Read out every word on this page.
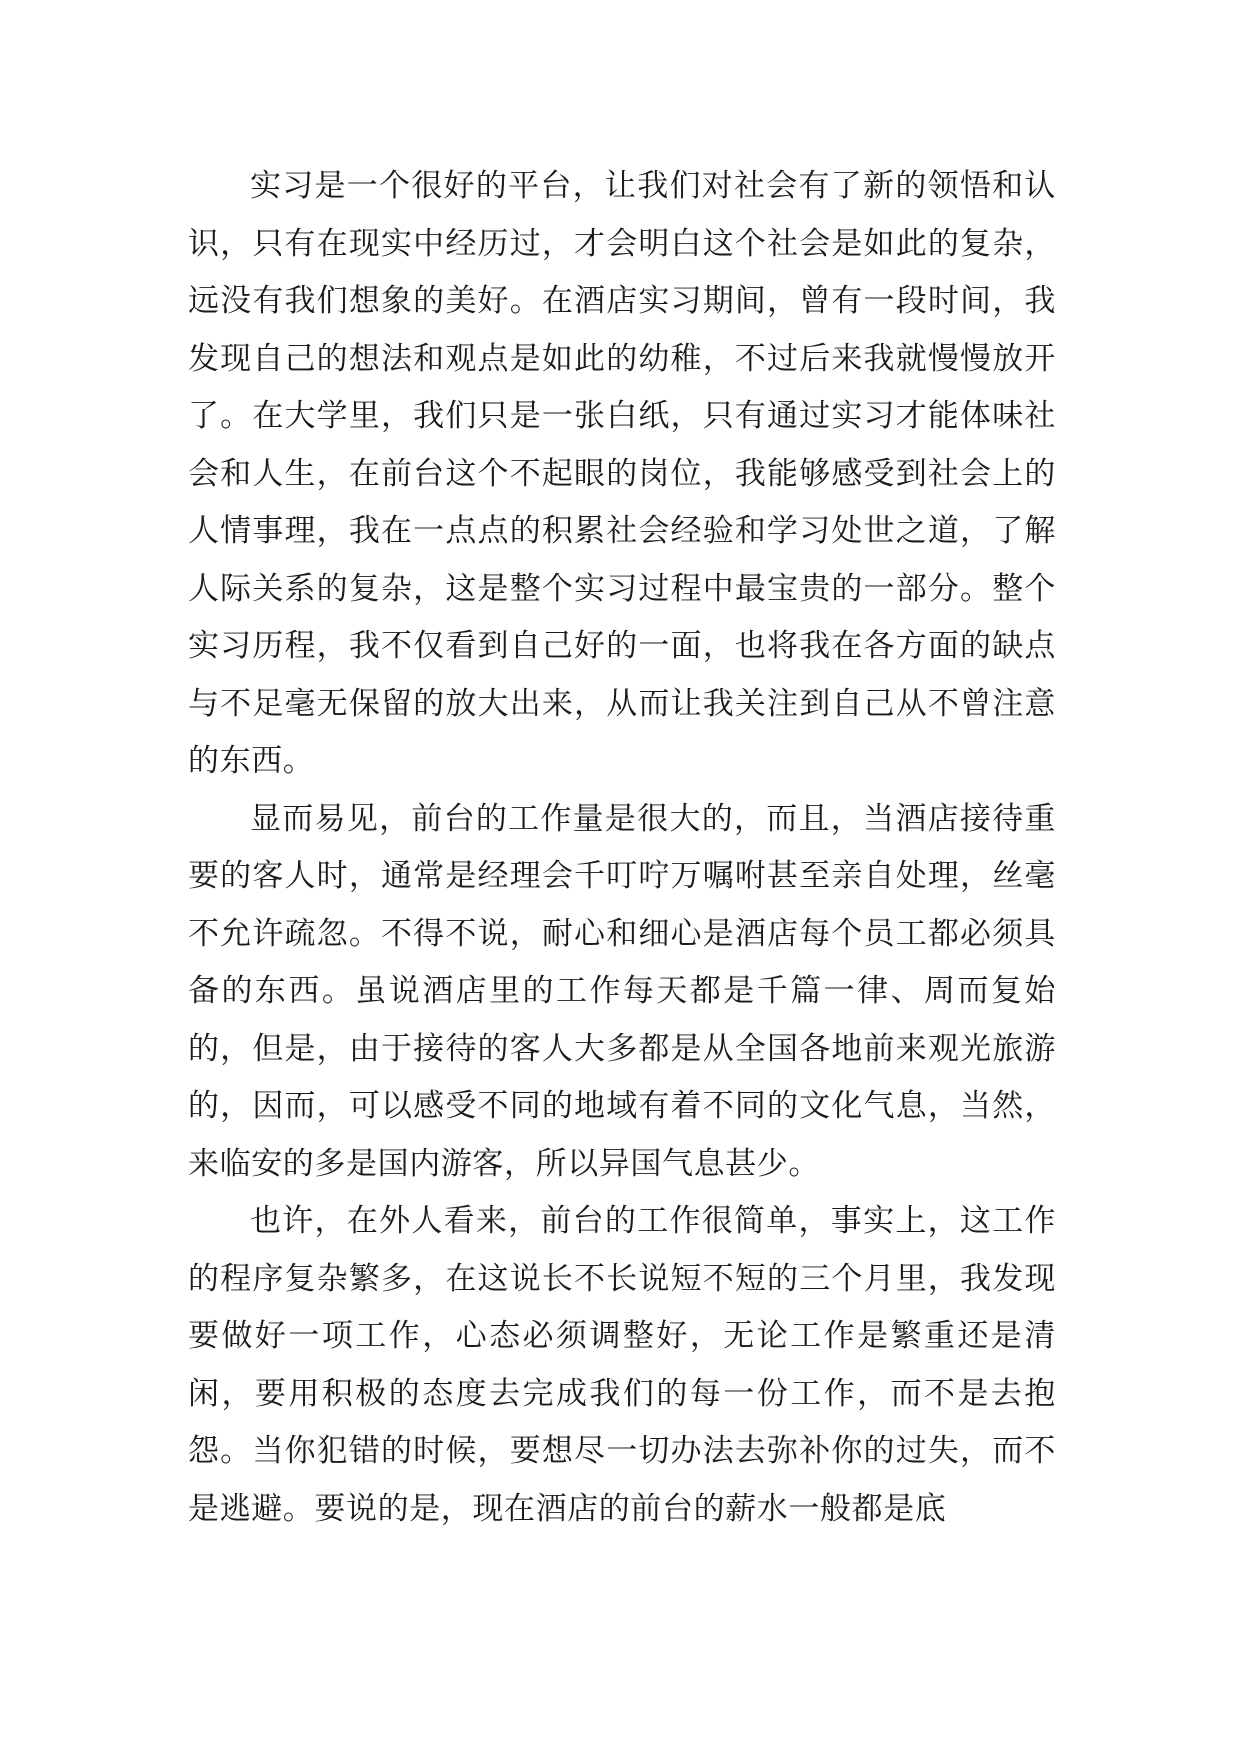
实习是一个很好的平台，让我们对社会有了新的领悟和认识，只有在现实中经历过，才会明白这个社会是如此的复杂，远没有我们想象的美好。在酒店实习期间，曾有一段时间，我发现自己的想法和观点是如此的幼稚，不过后来我就慢慢放开了。在大学里，我们只是一张白纸，只有通过实习才能体味社会和人生，在前台这个不起眼的岗位，我能够感受到社会上的人情事理，我在一点点的积累社会经验和学习处世之道，了解人际关系的复杂，这是整个实习过程中最宝贵的一部分。整个实习历程，我不仅看到自己好的一面，也将我在各方面的缺点与不足毫无保留的放大出来，从而让我关注到自己从不曾注意的东西。

显而易见，前台的工作量是很大的，而且，当酒店接待重要的客人时，通常是经理会千叮咛万嘱咐甚至亲自处理，丝毫不允许疏忽。不得不说，耐心和细心是酒店每个员工都必须具备的东西。虽说酒店里的工作每天都是千篇一律、周而复始的，但是，由于接待的客人大多都是从全国各地前来观光旅游的，因而，可以感受不同的地域有着不同的文化气息，当然，来临安的多是国内游客，所以异国气息甚少。

也许，在外人看来，前台的工作很简单，事实上，这工作的程序复杂繁多，在这说长不长说短不短的三个月里，我发现要做好一项工作，心态必须调整好，无论工作是繁重还是清闲，要用积极的态度去完成我们的每一份工作，而不是去抱怨。当你犯错的时候，要想尽一切办法去弥补你的过失，而不是逃避。要说的是，现在酒店的前台的薪水一般都是底
